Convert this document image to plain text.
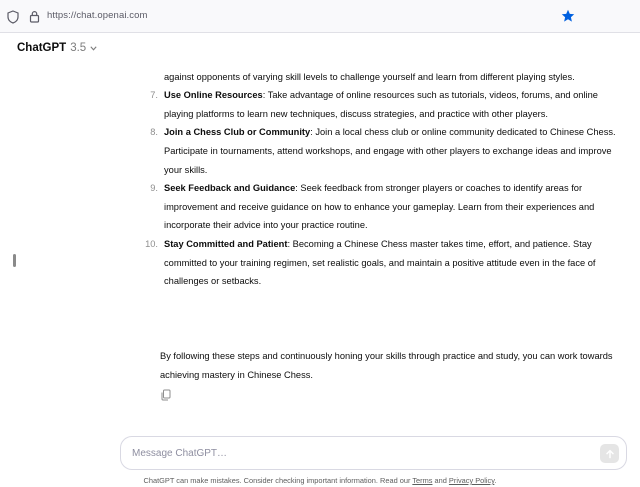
https://chat.openai.com
ChatGPT 3.5
against opponents of varying skill levels to challenge yourself and learn from different playing styles.
7. Use Online Resources: Take advantage of online resources such as tutorials, videos, forums, and online playing platforms to learn new techniques, discuss strategies, and practice with other players.
8. Join a Chess Club or Community: Join a local chess club or online community dedicated to Chinese Chess. Participate in tournaments, attend workshops, and engage with other players to exchange ideas and improve your skills.
9. Seek Feedback and Guidance: Seek feedback from stronger players or coaches to identify areas for improvement and receive guidance on how to enhance your gameplay. Learn from their experiences and incorporate their advice into your practice routine.
10. Stay Committed and Patient: Becoming a Chinese Chess master takes time, effort, and patience. Stay committed to your training regimen, set realistic goals, and maintain a positive attitude even in the face of challenges or setbacks.

By following these steps and continuously honing your skills through practice and study, you can work towards achieving mastery in Chinese Chess.

Message ChatGPT…
ChatGPT can make mistakes. Consider checking important information. Read our Terms and Privacy Policy.
